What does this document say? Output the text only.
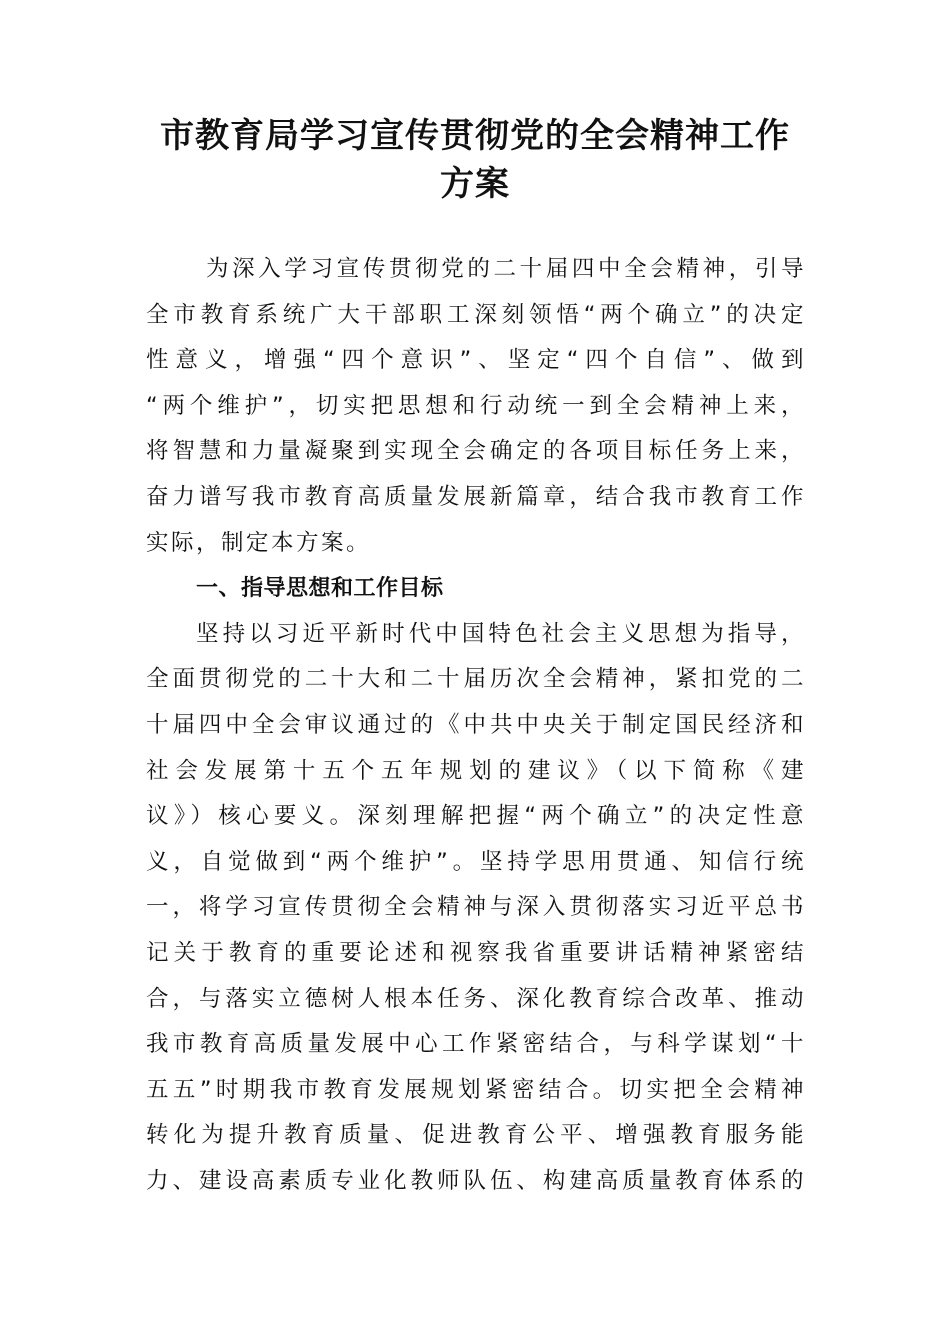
市教育局学习宣传贯彻党的全会精神工作
方案
为深入学习宣传贯彻党的二十届四中全会精神，引导
全市教育系统广大干部职工深刻领悟“两个确立”的决定
性意义，增强“四个意识”、坚定“四个自信”、做到
“两个维护”，切实把思想和行动统一到全会精神上来，
将智慧和力量凝聚到实现全会确定的各项目标任务上来，
奋力谱写我市教育高质量发展新篇章，结合我市教育工作
实际，制定本方案。
一、指导思想和工作目标
坚持以习近平新时代中国特色社会主义思想为指导，
全面贯彻党的二十大和二十届历次全会精神，紧扣党的二
十届四中全会审议通过的《中共中央关于制定国民经济和
社会发展第十五个五年规划的建议》（以下简称《建
议》）核心要义。深刻理解把握“两个确立”的决定性意
义，自觉做到“两个维护”。坚持学思用贯通、知信行统
一，将学习宣传贯彻全会精神与深入贯彻落实习近平总书
记关于教育的重要论述和视察我省重要讲话精神紧密结
合，与落实立德树人根本任务、深化教育综合改革、推动
我市教育高质量发展中心工作紧密结合，与科学谋划“十
五五”时期我市教育发展规划紧密结合。切实把全会精神
转化为提升教育质量、促进教育公平、增强教育服务能
力、建设高素质专业化教师队伍、构建高质量教育体系的
